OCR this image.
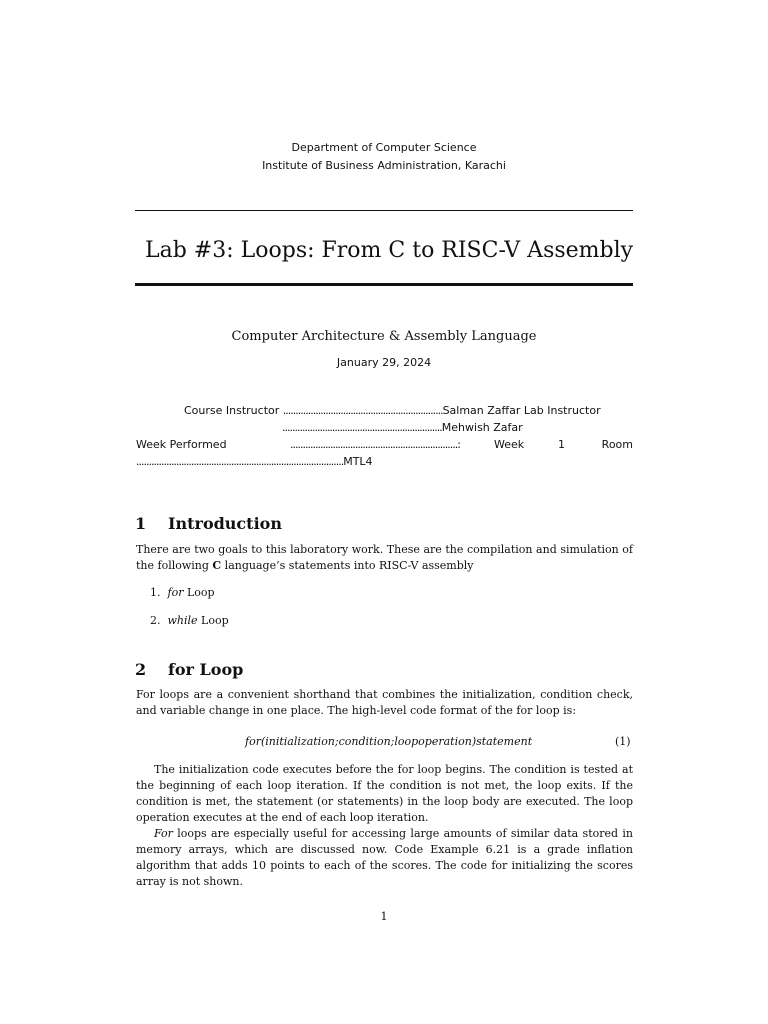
Department of Computer Science
Institute of Business Administration, Karachi
Lab #3: Loops: From C to RISC-V Assembly
Computer Architecture & Assembly Language
January 29, 2024
Course Instructor ................................................................Salman Zaffar Lab Instructor
................................................................Mehwish Zafar
Week Performed	...................................................................:	Week	1	Room
...................................................................................MTL4
1 Introduction
There are two goals to this laboratory work. These are the compilation and simulation of the following C language’s statements into RISC-V assembly
1. for Loop
2. while Loop
2 for Loop
For loops are a convenient shorthand that combines the initialization, condition check, and variable change in one place. The high-level code format of the for loop is:
for(initialization;condition;loopoperation)statement	(1)
The initialization code executes before the for loop begins. The condition is tested at the beginning of each loop iteration. If the condition is not met, the loop exits. If the condition is met, the statement (or statements) in the loop body are executed. The loop operation executes at the end of each loop iteration.
For loops are especially useful for accessing large amounts of similar data stored in memory arrays, which are discussed now. Code Example 6.21 is a grade inflation algorithm that adds 10 points to each of the scores. The code for initializing the scores array is not shown.
1
